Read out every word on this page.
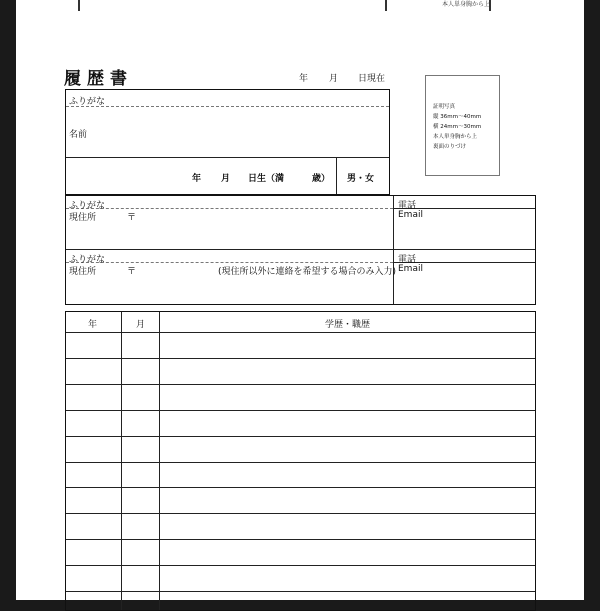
本人単身胸から上
履歴書	年 月 日現在
証明写真
縦 36mm～40mm
横 24mm～30mm
本人単身胸から上
裏面のりづけ
ふりがな
名前
年 月 日生（満	歳） 男・女
ふりがな
現住所	〒
電話
Email
ふりがな
現住所	〒	(現住所以外に連絡を希望する場合のみ入力)
電話
Email
年	月	学歴・職歴
